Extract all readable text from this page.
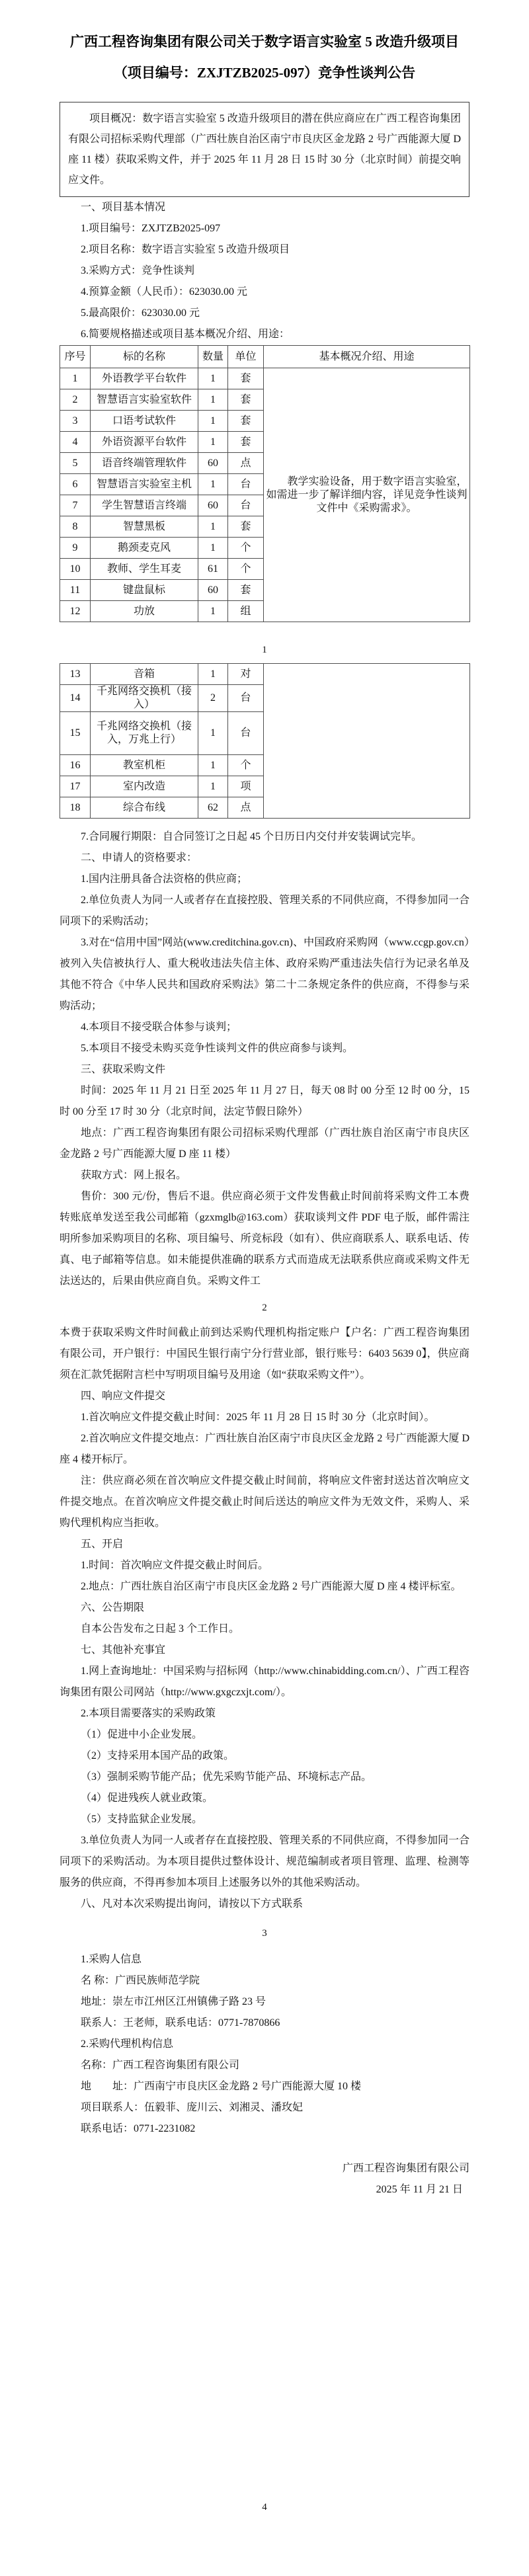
广西工程咨询集团有限公司关于数字语言实验室 5 改造升级项目
（项目编号：ZXJTZB2025-097）竞争性谈判公告

项目概况：数字语言实验室 5 改造升级项目的潜在供应商应在广西工程咨询集团有限公司招标采购代理部（广西壮族自治区南宁市良庆区金龙路 2 号广西能源大厦 D 座 11 楼）获取采购文件，并于 2025 年 11 月 28 日 15 时 30 分（北京时间）前提交响应文件。

一、项目基本情况

1.项目编号：ZXJTZB2025-097

2.项目名称：数字语言实验室 5 改造升级项目

3.采购方式：竞争性谈判

4.预算金额（人民币）：623030.00 元

5.最高限价：623030.00 元

6.简要规格描述或项目基本概况介绍、用途：

序号	标的名称	数量	单位	基本概况介绍、用途
1	外语教学平台软件	1	套	教学实验设备，用于数字语言实验室，如需进一步了解详细内容，详见竞争性谈判文件中《采购需求》。
2	智慧语言实验室软件	1	套	
3	口语考试软件	1	套	
4	外语资源平台软件	1	套	
5	语音终端管理软件	60	点	
6	智慧语言实验室主机	1	台	
7	学生智慧语言终端	60	台	
8	智慧黑板	1	套	
9	鹅颈麦克风	1	个	
10	教师、学生耳麦	61	个	
11	键盘鼠标	60	套	
12	功放	1	组	

1

13	音箱	1	对	
14	千兆网络交换机（接入）	2	台	
15	千兆网络交换机（接入，万兆上行）	1	台	
16	教室机柜	1	个	
17	室内改造	1	项	
18	综合布线	62	点	

7.合同履行期限：自合同签订之日起 45 个日历日内交付并安装调试完毕。

二、申请人的资格要求：

1.国内注册具备合法资格的供应商；

2.单位负责人为同一人或者存在直接控股、管理关系的不同供应商，不得参加同一合同项下的采购活动；

3.对在“信用中国”网站(www.creditchina.gov.cn)、中国政府采购网（www.ccgp.gov.cn）被列入失信被执行人、重大税收违法失信主体、政府采购严重违法失信行为记录名单及其他不符合《中华人民共和国政府采购法》第二十二条规定条件的供应商，不得参与采购活动；

4.本项目不接受联合体参与谈判；

5.本项目不接受未购买竞争性谈判文件的供应商参与谈判。

三、获取采购文件

时间：2025 年 11 月 21 日至 2025 年 11 月 27 日，每天 08 时 00 分至 12 时 00 分，15 时 00 分至 17 时 30 分（北京时间，法定节假日除外）

地点：广西工程咨询集团有限公司招标采购代理部（广西壮族自治区南宁市良庆区金龙路 2 号广西能源大厦 D 座 11 楼）

获取方式：网上报名。

售价：300 元/份，售后不退。供应商必须于文件发售截止时间前将采购文件工本费转账底单发送至我公司邮箱（gzxmglb@163.com）获取谈判文件 PDF 电子版，邮件需注明所参加采购项目的名称、项目编号、所竞标段（如有）、供应商联系人、联系电话、传真、电子邮箱等信息。如未能提供准确的联系方式而造成无法联系供应商或采购文件无法送达的，后果由供应商自负。采购文件工

2

本费于获取采购文件时间截止前到达采购代理机构指定账户【户名：广西工程咨询集团有限公司，开户银行：中国民生银行南宁分行营业部，银行账号：6403 5639 0】，供应商须在汇款凭据附言栏中写明项目编号及用途（如“获取采购文件”）。

四、响应文件提交

1.首次响应文件提交截止时间：2025 年 11 月 28 日 15 时 30 分（北京时间）。

2.首次响应文件提交地点：广西壮族自治区南宁市良庆区金龙路 2 号广西能源大厦 D 座 4 楼开标厅。

注：供应商必须在首次响应文件提交截止时间前，将响应文件密封送达首次响应文件提交地点。在首次响应文件提交截止时间后送达的响应文件为无效文件，采购人、采购代理机构应当拒收。

五、开启

1.时间：首次响应文件提交截止时间后。

2.地点：广西壮族自治区南宁市良庆区金龙路 2 号广西能源大厦 D 座 4 楼评标室。

六、公告期限

自本公告发布之日起 3 个工作日。

七、其他补充事宜

1.网上查询地址：中国采购与招标网（http://www.chinabidding.com.cn/）、广西工程咨询集团有限公司网站（http://www.gxgczxjt.com/）。

2.本项目需要落实的采购政策

（1）促进中小企业发展。

（2）支持采用本国产品的政策。

（3）强制采购节能产品；优先采购节能产品、环境标志产品。

（4）促进残疾人就业政策。

（5）支持监狱企业发展。

3.单位负责人为同一人或者存在直接控股、管理关系的不同供应商，不得参加同一合同项下的采购活动。为本项目提供过整体设计、规范编制或者项目管理、监理、检测等服务的供应商，不得再参加本项目上述服务以外的其他采购活动。

八、凡对本次采购提出询问，请按以下方式联系

3

1.采购人信息

名 称：广西民族师范学院

地址：崇左市江州区江州镇佛子路 23 号

联系人：王老师，联系电话：0771-7870866

2.采购代理机构信息

名称：广西工程咨询集团有限公司

地　　址：广西南宁市良庆区金龙路 2 号广西能源大厦 10 楼

项目联系人：伍毅菲、庞川云、刘湘灵、潘玫妃

联系电话：0771-2231082

广西工程咨询集团有限公司

2025 年 11 月 21 日

4
